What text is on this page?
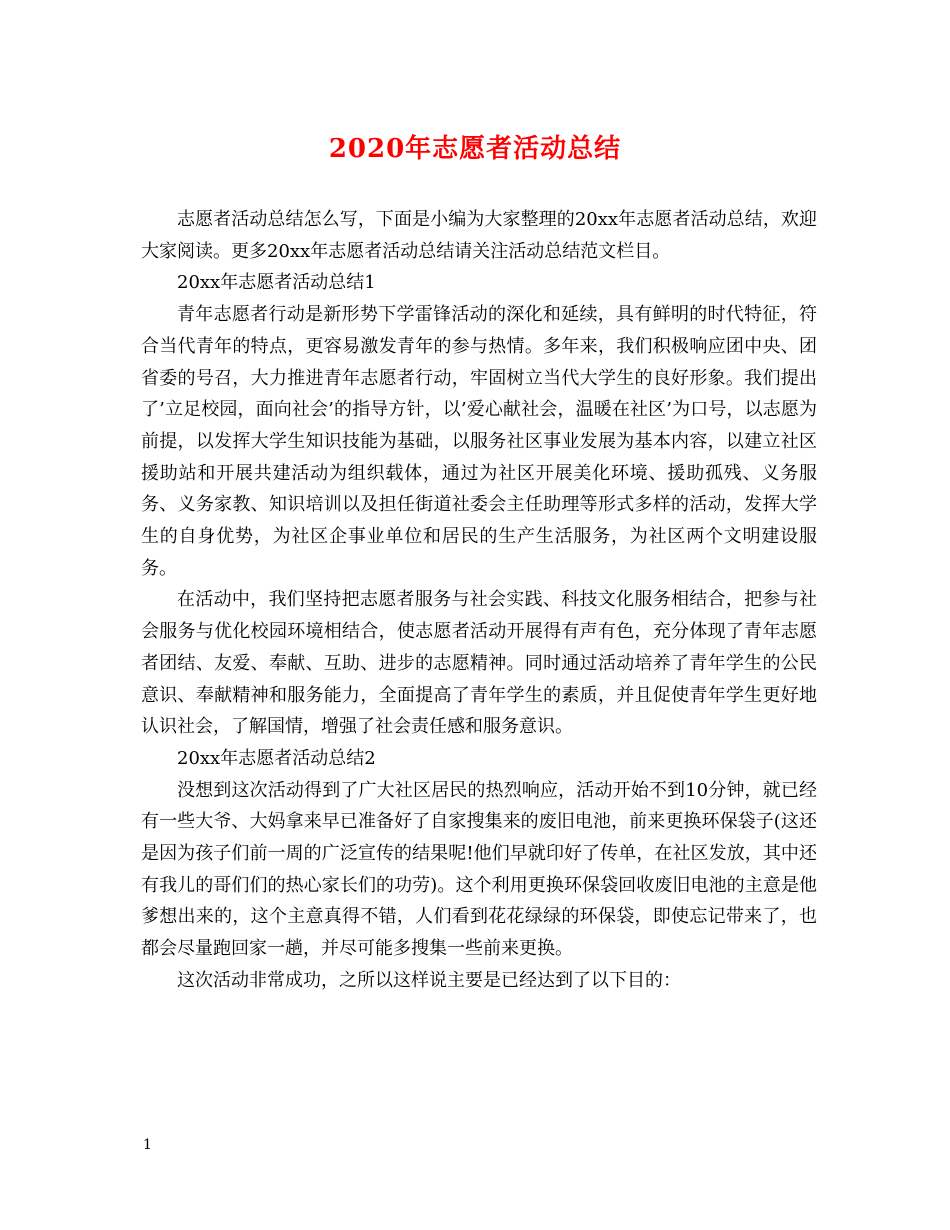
2020年志愿者活动总结

志愿者活动总结怎么写，下面是小编为大家整理的20xx年志愿者活动总结，欢迎大家阅读。更多20xx年志愿者活动总结请关注活动总结范文栏目。

20xx年志愿者活动总结1

青年志愿者行动是新形势下学雷锋活动的深化和延续，具有鲜明的时代特征，符合当代青年的特点，更容易激发青年的参与热情。多年来，我们积极响应团中央、团省委的号召，大力推进青年志愿者行动，牢固树立当代大学生的良好形象。我们提出了’立足校园，面向社会’的指导方针，以’爱心献社会，温暖在社区’为口号，以志愿为前提，以发挥大学生知识技能为基础，以服务社区事业发展为基本内容，以建立社区援助站和开展共建活动为组织载体，通过为社区开展美化环境、援助孤残、义务服务、义务家教、知识培训以及担任街道社委会主任助理等形式多样的活动，发挥大学生的自身优势，为社区企事业单位和居民的生产生活服务，为社区两个文明建设服务。

在活动中，我们坚持把志愿者服务与社会实践、科技文化服务相结合，把参与社会服务与优化校园环境相结合，使志愿者活动开展得有声有色，充分体现了青年志愿者团结、友爱、奉献、互助、进步的志愿精神。同时通过活动培养了青年学生的公民意识、奉献精神和服务能力，全面提高了青年学生的素质，并且促使青年学生更好地认识社会，了解国情，增强了社会责任感和服务意识。

20xx年志愿者活动总结2

没想到这次活动得到了广大社区居民的热烈响应，活动开始不到10分钟，就已经有一些大爷、大妈拿来早已准备好了自家搜集来的废旧电池，前来更换环保袋子(这还是因为孩子们前一周的广泛宣传的结果呢!他们早就印好了传单，在社区发放，其中还有我儿的哥们们的热心家长们的功劳)。这个利用更换环保袋回收废旧电池的主意是他爹想出来的，这个主意真得不错，人们看到花花绿绿的环保袋，即使忘记带来了，也都会尽量跑回家一趟，并尽可能多搜集一些前来更换。

这次活动非常成功，之所以这样说主要是已经达到了以下目的：

1
